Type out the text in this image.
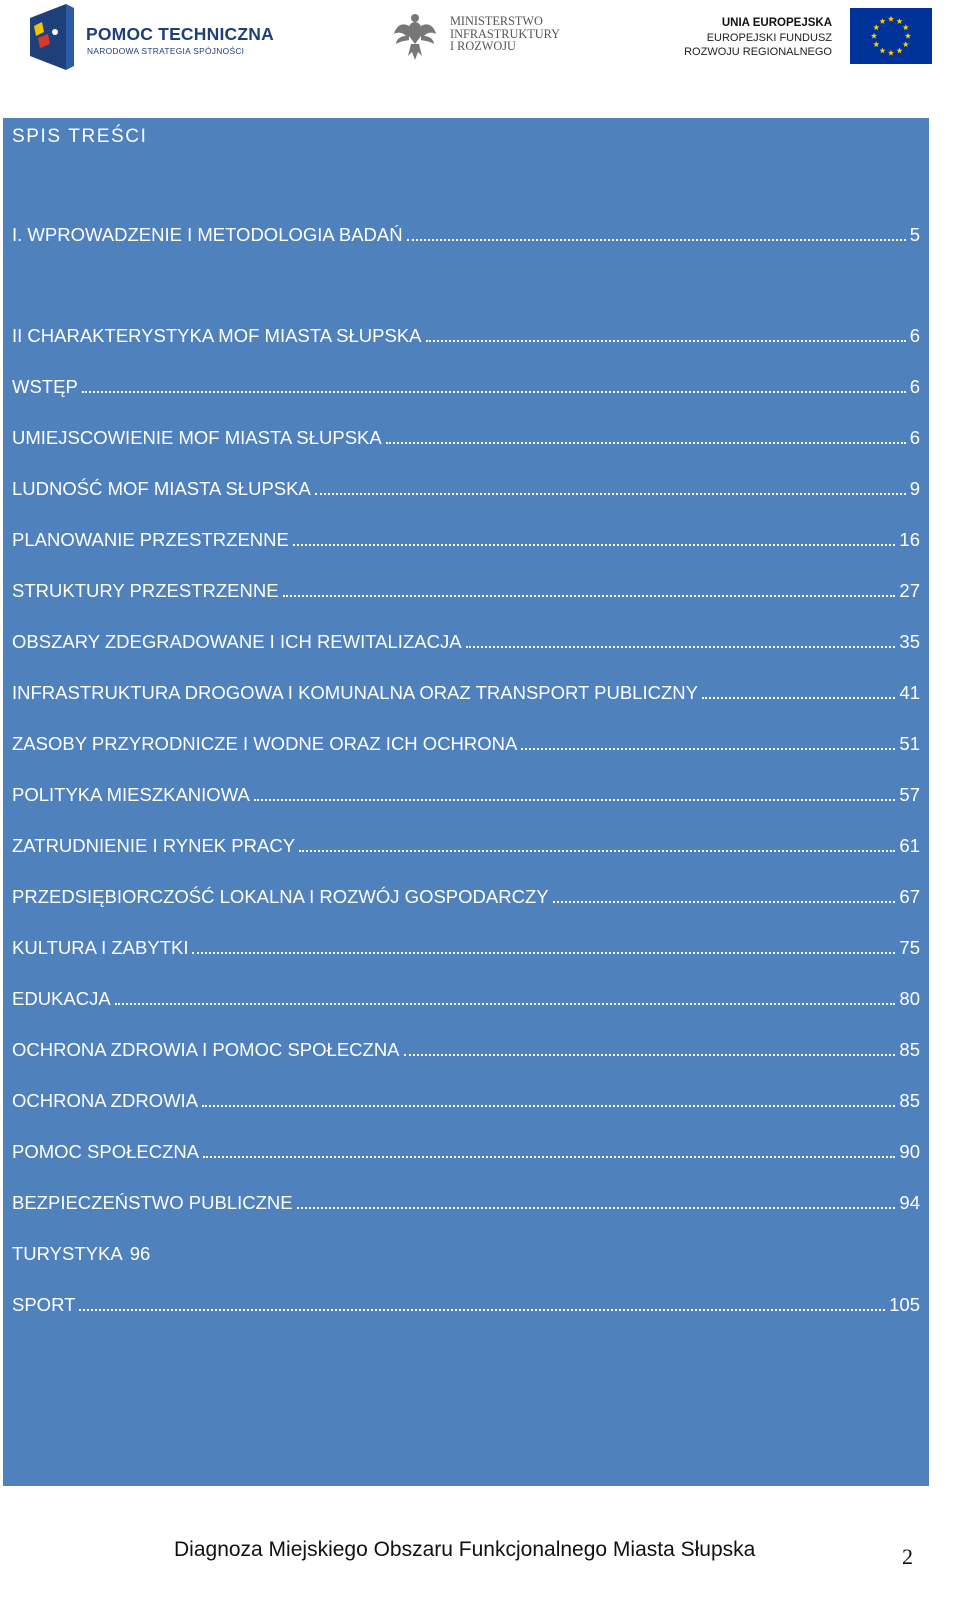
POMOC TECHNICZNA
NARODOWA STRATEGIA SPÓJNOŚCI
MINISTERSTWO
INFRASTRUKTURY
I ROZWOJU
UNIA EUROPEJSKA
EUROPEJSKI FUNDUSZ
ROZWOJU REGIONALNEGO
SPIS TREŚCI
I. WPROWADZENIE I METODOLOGIA BADAŃ	5
II CHARAKTERYSTYKA MOF MIASTA SŁUPSKA	6
WSTĘP	6
UMIEJSCOWIENIE MOF MIASTA SŁUPSKA	6
LUDNOŚĆ MOF MIASTA SŁUPSKA	9
PLANOWANIE PRZESTRZENNE	16
STRUKTURY PRZESTRZENNE	27
OBSZARY ZDEGRADOWANE I ICH REWITALIZACJA	35
INFRASTRUKTURA DROGOWA I KOMUNALNA ORAZ TRANSPORT PUBLICZNY	41
ZASOBY PRZYRODNICZE I WODNE ORAZ ICH OCHRONA	51
POLITYKA MIESZKANIOWA	57
ZATRUDNIENIE I RYNEK PRACY	61
PRZEDSIĘBIORCZOŚĆ LOKALNA I ROZWÓJ GOSPODARCZY	67
KULTURA I ZABYTKI	75
EDUKACJA	80
OCHRONA ZDROWIA I POMOC SPOŁECZNA	85
OCHRONA ZDROWIA	85
POMOC SPOŁECZNA	90
BEZPIECZEŃSTWO PUBLICZNE	94
TURYSTYKA 96
SPORT	105
Diagnoza Miejskiego Obszaru Funkcjonalnego Miasta Słupska	2
